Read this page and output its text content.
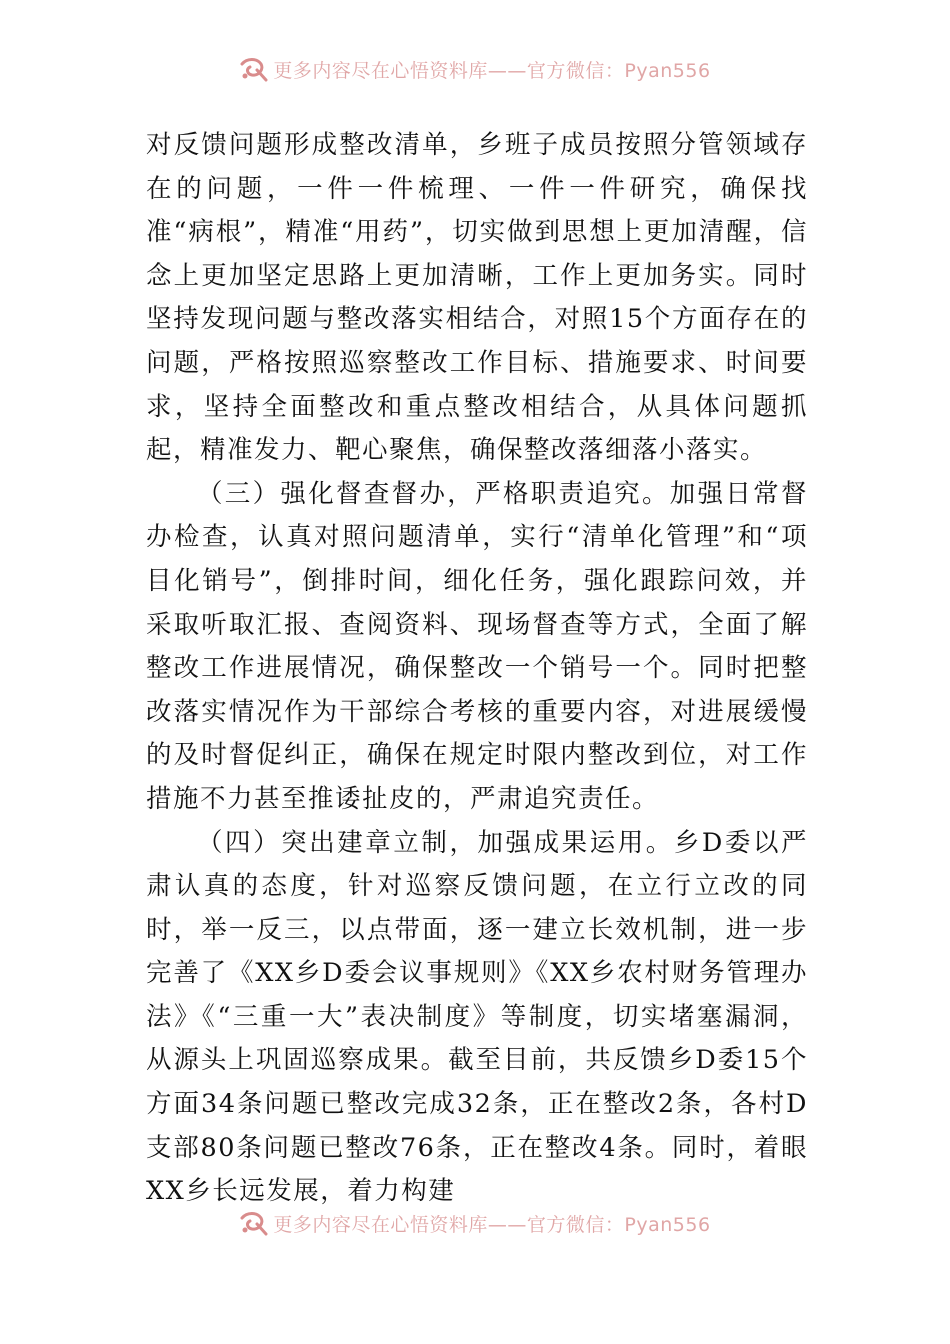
更多内容尽在心悟资料库——官方微信：Pyan556

对反馈问题形成整改清单，乡班子成员按照分管领域存在的问题，一件一件梳理、一件一件研究，确保找准“病根”，精准“用药”，切实做到思想上更加清醒，信念上更加坚定思路上更加清晰，工作上更加务实。同时坚持发现问题与整改落实相结合，对照15个方面存在的问题，严格按照巡察整改工作目标、措施要求、时间要求，坚持全面整改和重点整改相结合，从具体问题抓起，精准发力、靶心聚焦，确保整改落细落小落实。

（三）强化督查督办，严格职责追究。加强日常督办检查，认真对照问题清单，实行“清单化管理”和“项目化销号”，倒排时间，细化任务，强化跟踪问效，并采取听取汇报、查阅资料、现场督查等方式，全面了解整改工作进展情况，确保整改一个销号一个。同时把整改落实情况作为干部综合考核的重要内容，对进展缓慢的及时督促纠正，确保在规定时限内整改到位，对工作措施不力甚至推诿扯皮的，严肃追究责任。

（四）突出建章立制，加强成果运用。乡D委以严肃认真的态度，针对巡察反馈问题，在立行立改的同时，举一反三，以点带面，逐一建立长效机制，进一步完善了《XX乡D委会议事规则》《XX乡农村财务管理办法》《“三重一大”表决制度》等制度，切实堵塞漏洞，从源头上巩固巡察成果。截至目前，共反馈乡D委15个方面34条问题已整改完成32条，正在整改2条，各村D支部80条问题已整改76条，正在整改4条。同时，着眼XX乡长远发展，着力构建

更多内容尽在心悟资料库——官方微信：Pyan556
